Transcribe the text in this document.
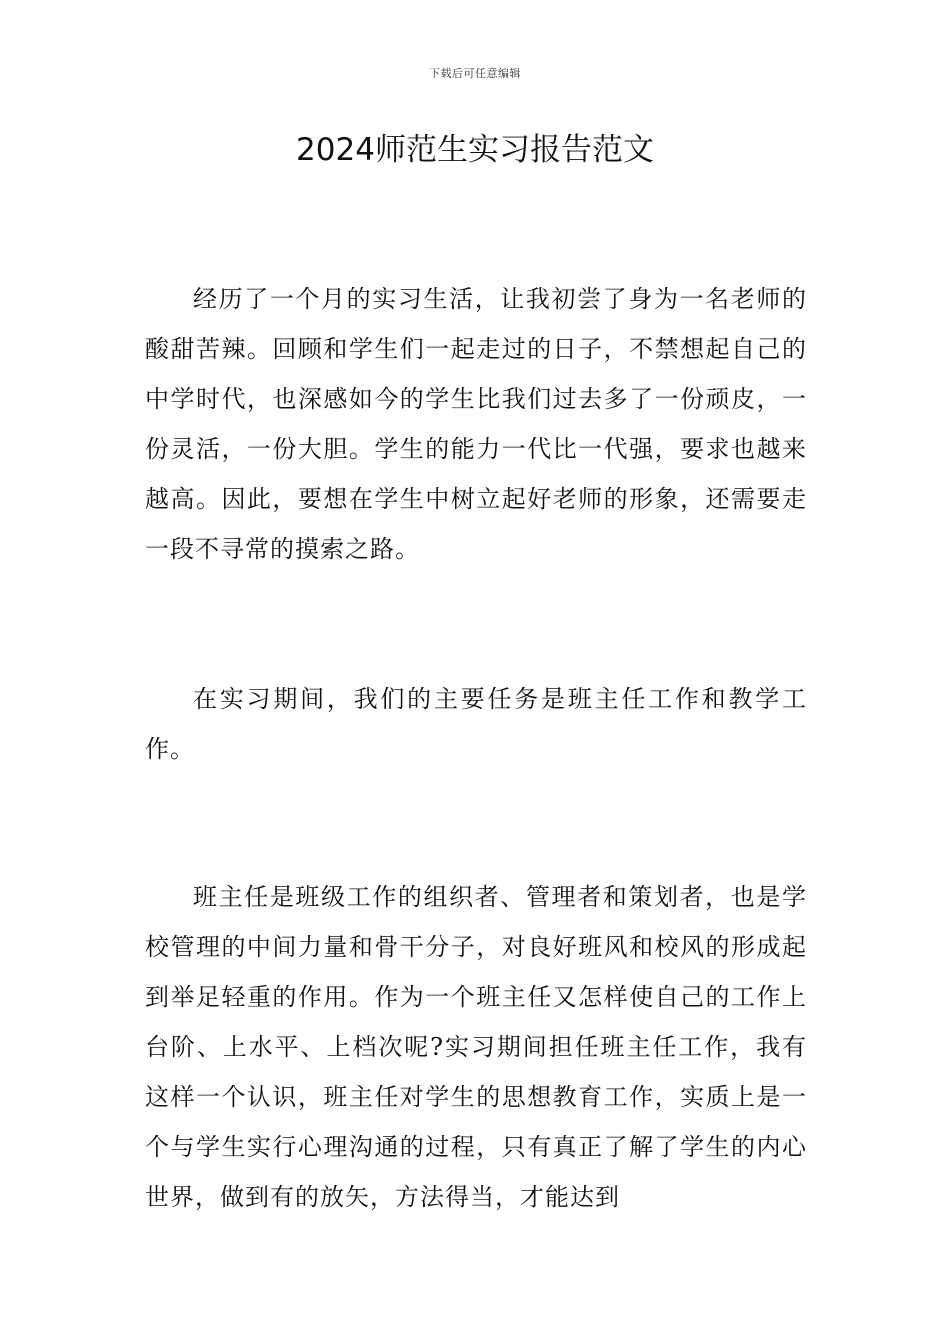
下载后可任意编辑
2024师范生实习报告范文

经历了一个月的实习生活，让我初尝了身为一名老师的酸甜苦辣。回顾和学生们一起走过的日子，不禁想起自己的中学时代，也深感如今的学生比我们过去多了一份顽皮，一份灵活，一份大胆。学生的能力一代比一代强，要求也越来越高。因此，要想在学生中树立起好老师的形象，还需要走一段不寻常的摸索之路。

在实习期间，我们的主要任务是班主任工作和教学工作。

班主任是班级工作的组织者、管理者和策划者，也是学校管理的中间力量和骨干分子，对良好班风和校风的形成起到举足轻重的作用。作为一个班主任又怎样使自己的工作上台阶、上水平、上档次呢?实习期间担任班主任工作，我有这样一个认识，班主任对学生的思想教育工作，实质上是一个与学生实行心理沟通的过程，只有真正了解了学生的内心世界，做到有的放矢，方法得当，才能达到
